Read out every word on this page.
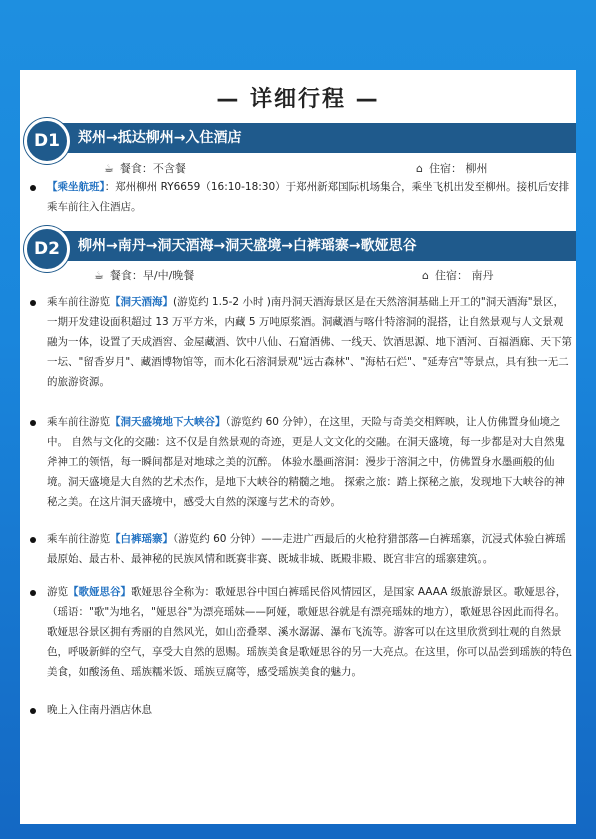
— 详细行程 —
郑州→抵达柳州→入住酒店
D1
☕ 餐食：不含餐	⌂ 住宿： 柳州
【乘坐航班】：郑州柳州 RY6659（16:10-18:30）于郑州新郑国际机场集合，乘坐飞机出发至柳州。接机后安排乘车前往入住酒店。
柳州→南丹→洞天酒海→洞天盛境→白裤瑶寨→歌娅思谷
D2
☕ 餐食：早/中/晚餐	⌂ 住宿： 南丹
乘车前往游览【洞天酒海】(游览约 1.5-2 小时 )南丹洞天酒海景区是在天然溶洞基础上开工的"洞天酒海"景区，一期开发建设面积超过 13 万平方米，内藏 5 万吨原浆酒。洞藏酒与喀什特溶洞的混搭，让自然景观与人文景观融为一体，设置了天成酒窖、金屋藏酒、饮中八仙、石窟酒佛、一线天、饮酒思源、地下酒河、百福酒廊、天下第一坛、"留香岁月"、藏酒博物馆等，而木化石溶洞景观"远古森林"、"海枯石烂"、"延寿宫"等景点，具有独一无二的旅游资源。
乘车前往游览【洞天盛境地下大峡谷】（游览约 60 分钟），在这里，天险与奇美交相辉映，让人仿佛置身仙境之中。 自然与文化的交融：这不仅是自然景观的奇迹，更是人文文化的交融。在洞天盛境，每一步都是对大自然鬼斧神工的领悟，每一瞬间都是对地球之美的沉醉。 体验水墨画溶洞：漫步于溶洞之中，仿佛置身水墨画般的仙境。洞天盛境是大自然的艺术杰作，是地下大峡谷的精髓之地。 探索之旅：踏上探秘之旅，发现地下大峡谷的神秘之美。在这片洞天盛境中，感受大自然的深邃与艺术的奇妙。
乘车前往游览【白裤瑶寨】（游览约 60 分钟）——走进广西最后的火枪狩猎部落—白裤瑶寨，沉浸式体验白裤瑶最原始、最古朴、最神秘的民族风情和既赛非赛、既城非城、既殿非殿、既宫非宫的瑶寨建筑。。
游览【歌娅思谷】歌娅思谷全称为：歌娅思谷中国白裤瑶民俗风情园区，是国家 AAAA 级旅游景区。歌娅思谷，（瑶语："歌"为地名，"娅思谷"为漂亮瑶妹——阿娅，歌娅思谷就是有漂亮瑶妹的地方），歌娅思谷因此而得名。歌娅思谷景区拥有秀丽的自然风光，如山峦叠翠、溪水潺潺、瀑布飞流等。游客可以在这里欣赏到壮观的自然景色，呼吸新鲜的空气，享受大自然的恩赐。瑶族美食是歌娅思谷的另一大亮点。在这里，你可以品尝到瑶族的特色美食，如酸汤鱼、瑶族糯米饭、瑶族豆腐等，感受瑶族美食的魅力。
晚上入住南丹酒店休息
